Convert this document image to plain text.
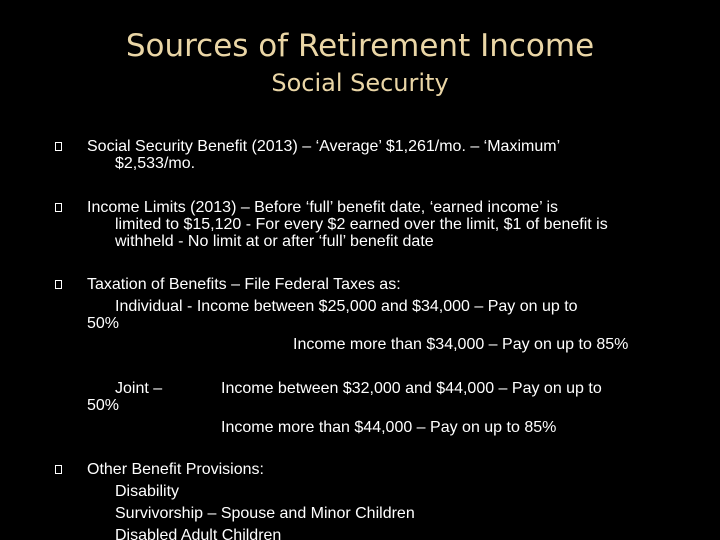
Sources of Retirement Income
Social Security
Social Security Benefit (2013) – ‘Average’ $1,261/mo. – ‘Maximum’
$2,533/mo.
Income Limits (2013) – Before ‘full’ benefit date, ‘earned income’ is
limited to $15,120 - For every $2 earned over the limit, $1 of benefit is
withheld - No limit at or after ‘full’ benefit date
Taxation of Benefits – File Federal Taxes as:
Individual - Income between $25,000 and $34,000 – Pay on up to
50%
Income more than $34,000 – Pay on up to 85%
Joint –	Income between $32,000 and $44,000 – Pay on up to
50%
Income more than $44,000 – Pay on up to 85%
Other Benefit Provisions:
Disability
Survivorship – Spouse and Minor Children
Disabled Adult Children
